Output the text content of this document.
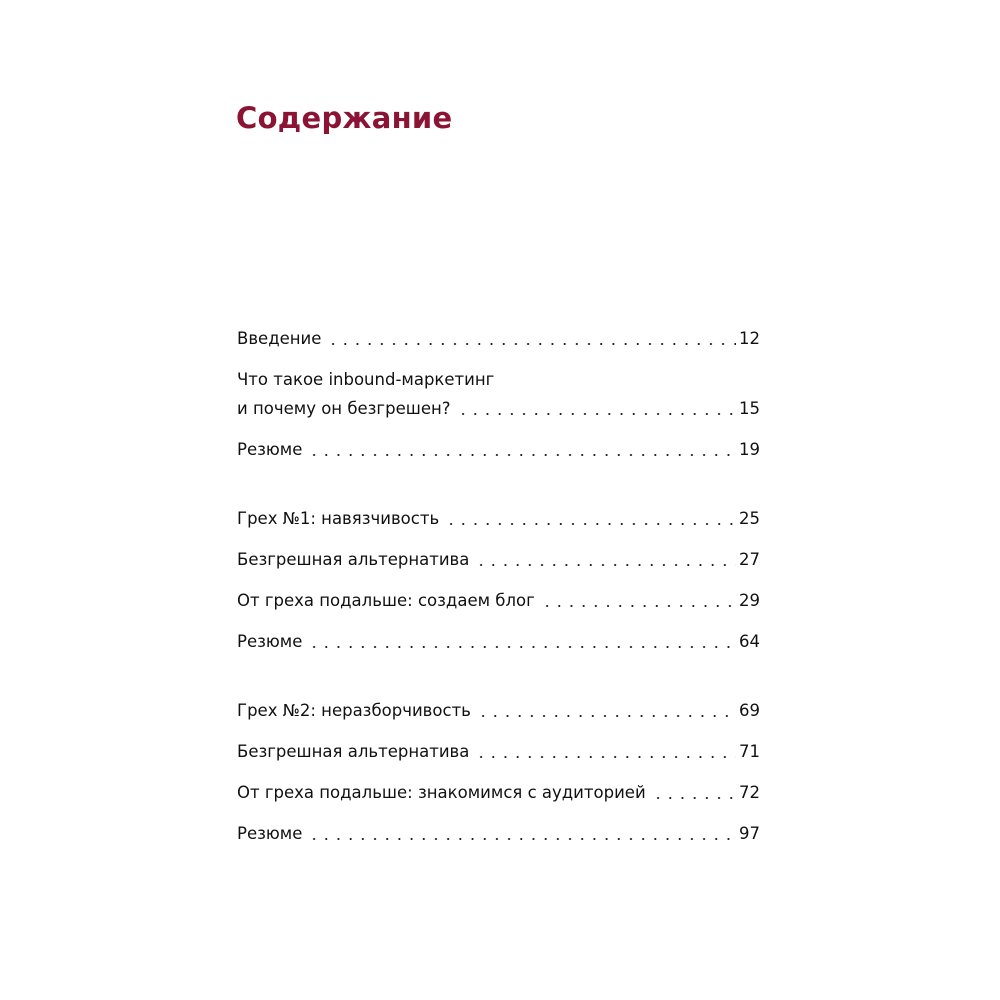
Содержание
Введение	12
Что такое inbound-маркетинг
и почему он безгрешен?	15
Резюме	19
Грех №1: навязчивость	25
Безгрешная альтернатива	27
От греха подальше: создаем блог	29
Резюме	64
Грех №2: неразборчивость	69
Безгрешная альтернатива	71
От греха подальше: знакомимся с аудиторией	72
Резюме	97
